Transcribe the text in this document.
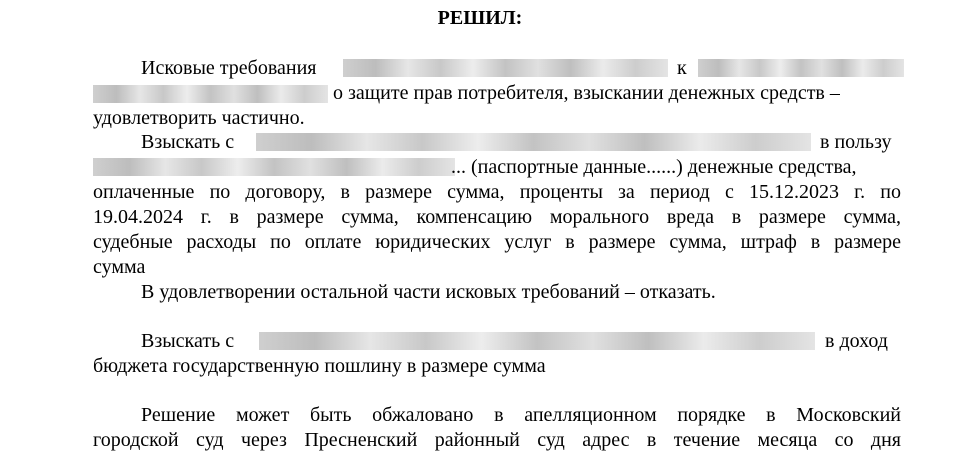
РЕШИЛ:
Исковые требования	к
о защите прав потребителя, взыскании денежных средств –
удовлетворить частично.
Взыскать с	в пользу
... (паспортные данные......) денежные средства,
оплаченные по договору, в размере сумма, проценты за период с 15.12.2023 г. по
19.04.2024 г. в размере сумма, компенсацию морального вреда в размере сумма,
судебные расходы по оплате юридических услуг в размере сумма, штраф в размере
сумма
В удовлетворении остальной части исковых требований – отказать.
Взыскать с	в доход
бюджета государственную пошлину в размере сумма
Решение может быть обжаловано в апелляционном порядке в Московский
городской суд через Пресненский районный суд адрес в течение месяца со дня
